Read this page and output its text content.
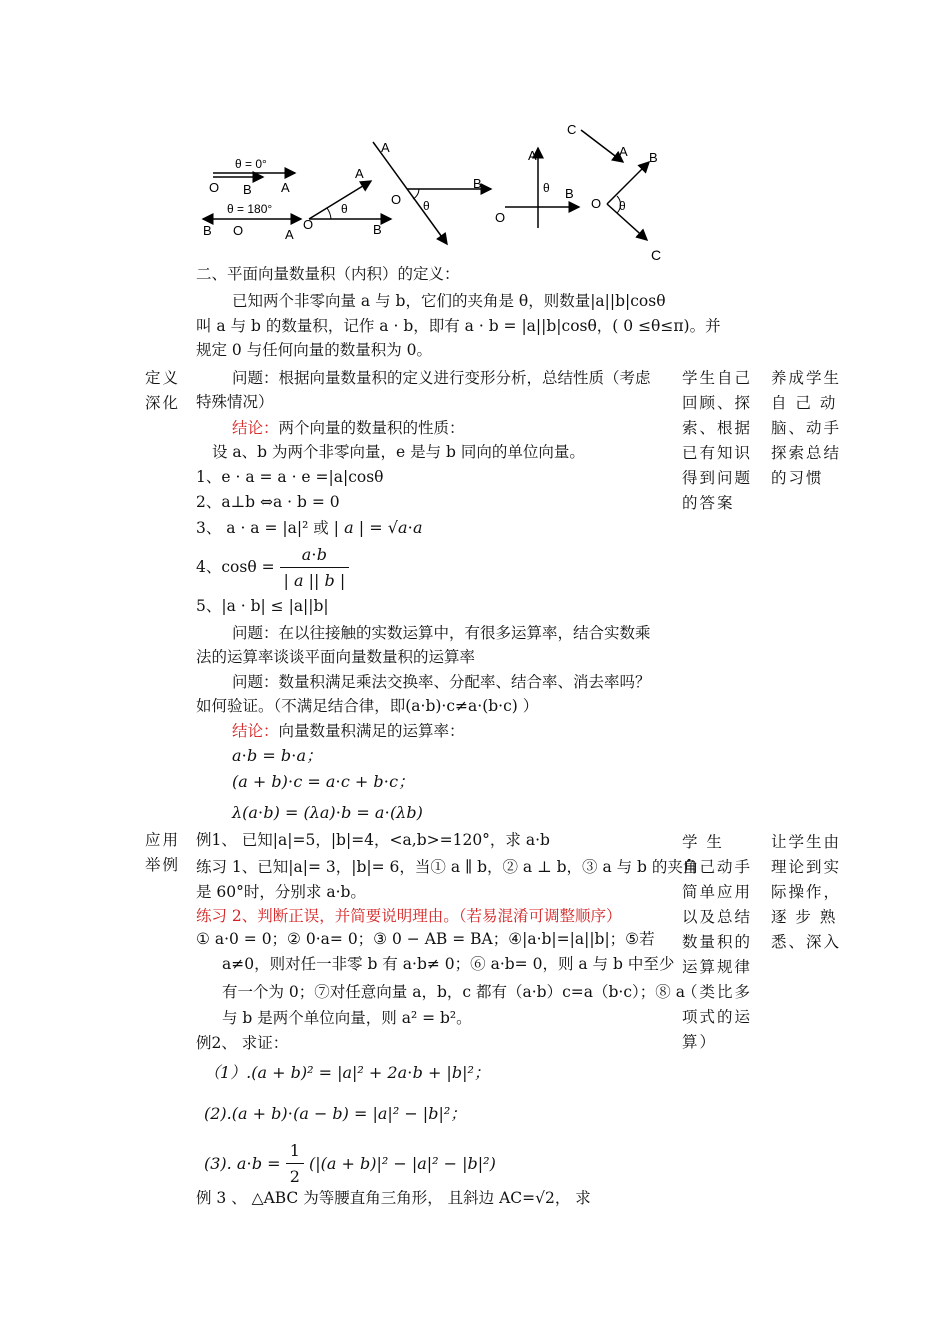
θ = 0°
O B A
θ = 180°
B O	A
θ
O
A
B
θ
O
A
B
A
θ B
O
θ
C
A B
O
C
二、平面向量数量积（内积）的定义：
已知两个非零向量 a 与 b，它们的夹角是 θ，则数量|a||b|cosθ
叫 a 与 b 的数量积，记作 a · b，即有 a · b = |a||b|cosθ，( 0 ≤θ≤π)。并
规定 0 与任何向量的数量积为 0。
定义
深化
应用
举例
学生自己
回顾、探
索、根据
已有知识
得到问题
的答案
学 生
自己动手
简单应用
以及总结
数量积的
运算规律
（类比多
项式的运
算）
养成学生
自 己 动
脑、动手
探索总结
的习惯
让学生由
理论到实
际操作，
逐 步 熟
悉、深入
问题：根据向量数量积的定义进行变形分析，总结性质（考虑
特殊情况）
结论：两个向量的数量积的性质：
设 a、b 为两个非零向量，e 是与 b 同向的单位向量。
1、e · a = a · e =|a|cosθ
2、a⊥b ⇔a · b = 0
3、 a · a = |a|² 或 | a | = √a⋅a
4、$\cos\theta = \frac{a\cdot b}{| a || b |}$
5、|a · b| ≤ |a||b|
问题：在以往接触的实数运算中，有很多运算率，结合实数乘
法的运算率谈谈平面向量数量积的运算率
问题：数量积满足乘法交换率、分配率、结合率、消去率吗？
如何验证。（不满足结合律，即(a·b)·c≠a·(b·c) ）
结论：向量数量积满足的运算率：
a⋅b = b⋅a；
(a + b)⋅c = a⋅c + b⋅c；
λ(a⋅b) = (λa)⋅b = a⋅(λb)
例1、 已知|a|=5，|b|=4，<a,b>=120°，求 a·b
练习 1、已知|a|= 3，|b|= 6，当① a ∥ b，② a ⊥ b，③ a 与 b 的夹角
是 60°时，分别求 a·b。
练习 2、判断正误，并简要说明理由。（若易混淆可调整顺序）
① a·0 = 0；② 0·a= 0；③ 0 − AB = BA；④|a·b|=|a||b|；⑤若
a≠0，则对任一非零 b 有 a·b≠ 0；⑥ a·b= 0，则 a 与 b 中至少
有一个为 0；⑦对任意向量 a，b，c 都有（a·b）c=a（b·c）；⑧ a
与 b 是两个单位向量，则 a² = b²。
例2、 求证：
（1）.(a + b)² = |a|² + 2a⋅b + |b|²；
(2).(a + b)⋅(a − b) = |a|² − |b|²；
(3). $a\cdot b = \frac{1}{2} (|(a + b)|^2 - |a|^2 - |b|^2)$
例 3 、 △ABC 为等腰直角三角形， 且斜边 AC=√2， 求
